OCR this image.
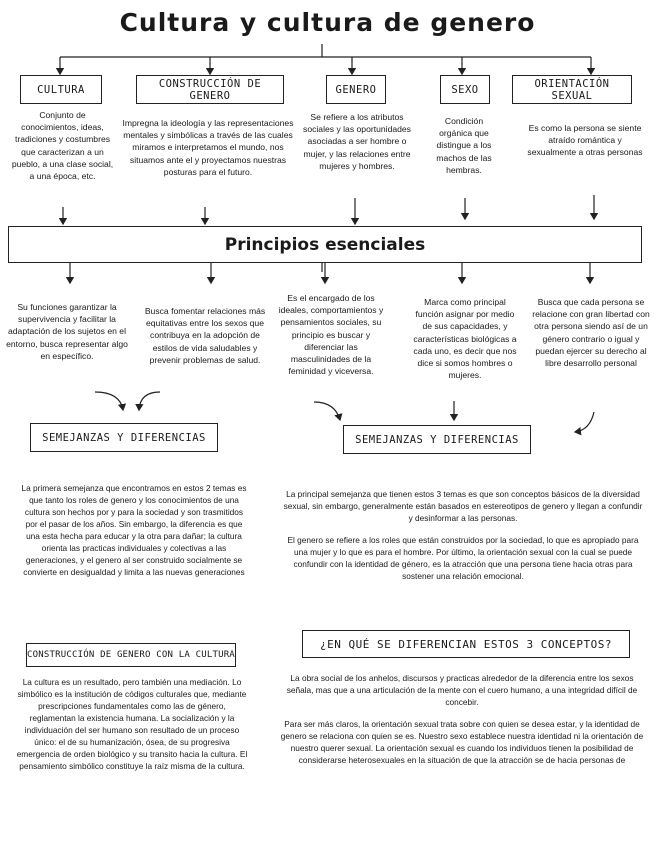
Cultura y cultura de genero
CULTURA	CONSTRUCCIÓN DE GENERO	GENERO	SEXO	ORIENTACIÓN SEXUAL
Conjunto de conocimientos, ideas, tradiciones y costumbres que caracterizan a un pueblo, a una clase social, a una época, etc.
Impregna la ideología y las representaciones mentales y simbólicas a través de las cuales miramos e interpretamos el mundo, nos situamos ante el y proyectamos nuestras posturas para el futuro.
Se refiere a los atributos sociales y las oportunidades asociadas a ser hombre o mujer, y las relaciones entre mujeres y hombres.
Condición orgánica que distingue a los machos de las hembras.
Es como la persona se siente atraído romántica y sexualmente a otras personas
Principios esenciales
Su funciones garantizar la supervivencia y facilitar la adaptación de los sujetos en el entorno, busca representar algo en específico.
Busca fomentar relaciones más equitativas entre los sexos que contribuya en la adopción de estilos de vida saludables y prevenir problemas de salud.
Es el encargado de los ideales, comportamientos y pensamientos sociales, su principio es buscar y diferenciar las masculinidades de la feminidad y viceversa.
Marca como principal función asignar por medio de sus capacidades, y características biológicas a cada uno, es decir que nos dice si somos hombres o mujeres.
Busca que cada persona se relacione con gran libertad con otra persona siendo así de un género contrario o igual y puedan ejercer su derecho al libre desarrollo personal
SEMEJANZAS Y DIFERENCIAS	SEMEJANZAS Y DIFERENCIAS
La primera semejanza que encontramos en estos 2 temas es que tanto los roles de genero y los conocimientos de una cultura son hechos por y para la sociedad y son trasmitidos por el pasar de los años. Sin embargo, la diferencia es que una esta hecha para educar y la otra para dañar; la cultura orienta las practicas individuales y colectivas a las generaciones, y el genero al ser construido socialmente se convierte en desigualdad y limita a las nuevas generaciones

La principal semejanza que tienen estos 3 temas es que son conceptos básicos de la diversidad sexual, sin embargo, generalmente están basados en estereotipos de genero y llegan a confundir y desinformar a las personas.

El genero se refiere a los roles que están construidos por la sociedad, lo que es apropiado para una mujer y lo que es para el hombre. Por último, la orientación sexual con la cual se puede confundir con la identidad de género, es la atracción que una persona tiene hacia otras para sostener una relación emocional.

CONSTRUCCIÓN DE GENERO CON LA CULTURA
La cultura es un resultado, pero también una mediación. Lo simbólico es la institución de códigos culturales que, mediante prescripciones fundamentales como las de género, reglamentan la existencia humana. La socialización y la individuación del ser humano son resultado de un proceso único: el de su humanización, ósea, de su progresiva emergencia de orden biológico y su transito hacia la cultura. El pensamiento simbólico constituye la raíz misma de la cultura.
¿EN QUÉ SE DIFERENCIAN ESTOS 3 CONCEPTOS?

La obra social de los anhelos, discursos y practicas alrededor de la diferencia entre los sexos señala, mas que a una articulación de la mente con el cuero humano, a una integridad difícil de concebir.

Para ser más claros, la orientación sexual trata sobre con quien se desea estar, y la identidad de genero se relaciona con quien se es. Nuestro sexo establece nuestra identidad ni la orientación de nuestro querer sexual. La orientación sexual es cuando los individuos tienen la posibilidad de considerarse heterosexuales en la situación de que la atracción se de hacia personas de
